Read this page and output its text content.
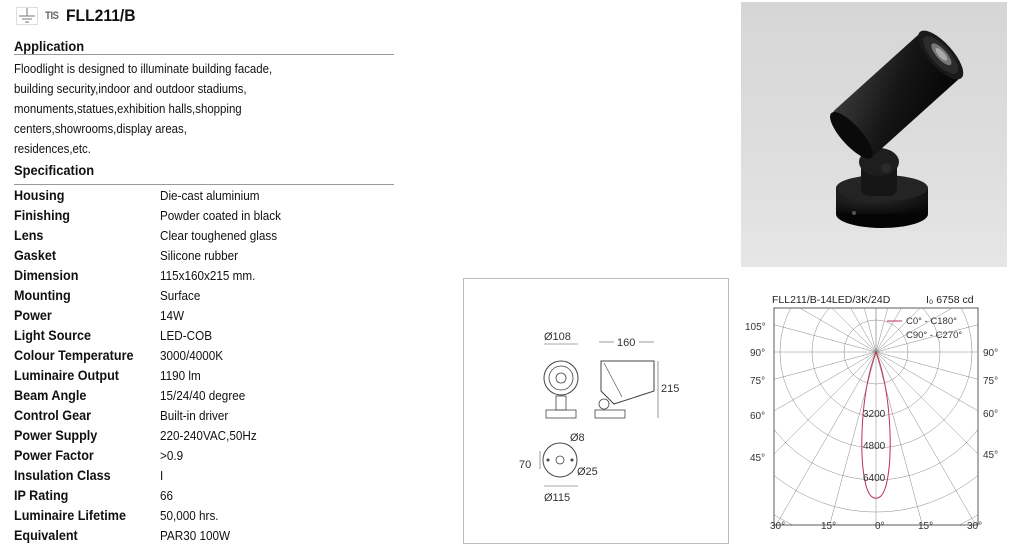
TIS FLL211/B
Application
Floodlight is designed to illuminate building facade,
building security,indoor and outdoor stadiums,
monuments,statues,exhibition halls,shopping
centers,showrooms,display areas,
residences,etc.
Specification
Housing	Die-cast aluminium
Finishing	Powder coated in black
Lens	Clear toughened glass
Gasket	Silicone rubber
Dimension	115x160x215 mm.
Mounting	Surface
Power	14W
Light Source	LED-COB
Colour Temperature	3000/4000K
Luminaire Output	1190 lm
Beam Angle	15/24/40 degree
Control Gear	Built-in driver
Power Supply	220-240VAC,50Hz
Power Factor	>0.9
Insulation Class	I
IP Rating	66
Luminaire Lifetime	50,000 hrs.
Equivalent	PAR30 100W
Ø108	160
215
Ø8
70
Ø25
Ø115
FLL211/B-14LED/3K/24D	I₀ 6758 cd
C0° - C180°
C90° - C270°
105°
90°
75°
60°
45°
90°
75°
60°
45°
30°	15°	0°	15°	30°
3200
4800
6400
